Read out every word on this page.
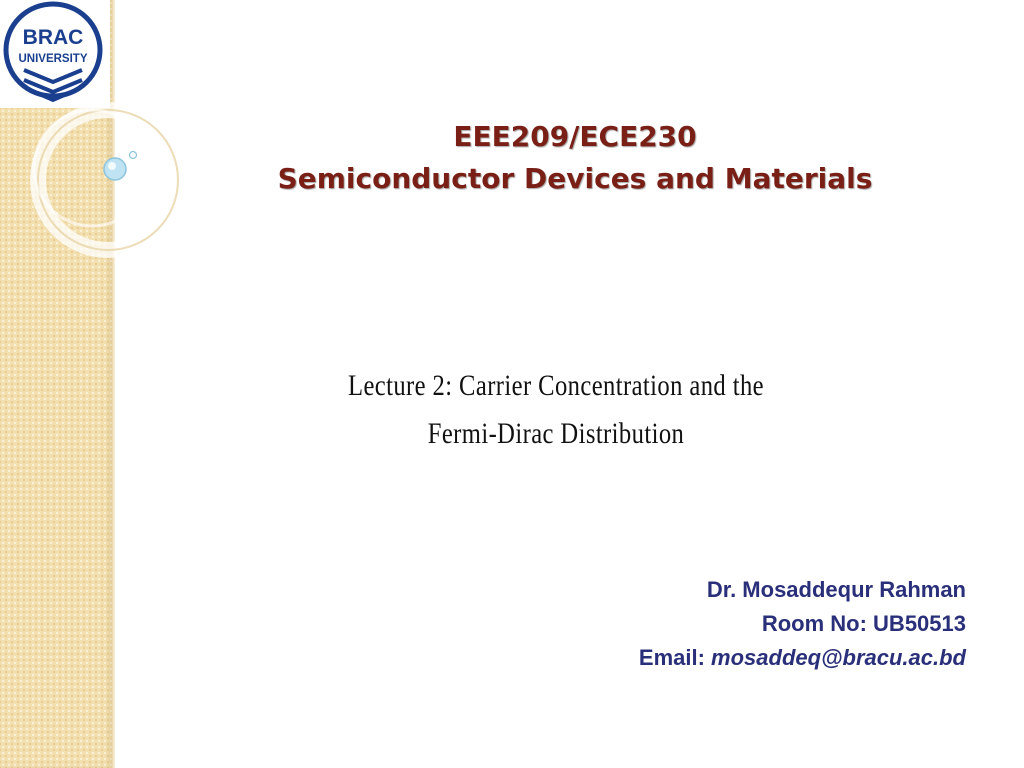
BRAC
UNIVERSITY
EEE209/ECE230
Semiconductor Devices and Materials
Lecture 2: Carrier Concentration and the
Fermi-Dirac Distribution
Dr. Mosaddequr Rahman
Room No: UB50513
Email: mosaddeq@bracu.ac.bd
